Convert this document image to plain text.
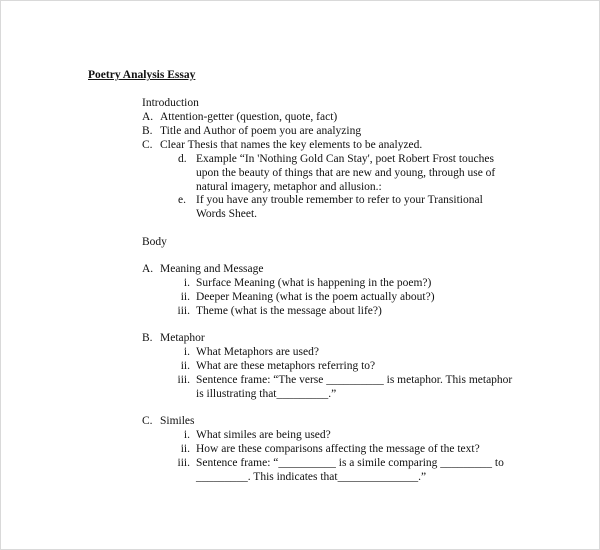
Poetry Analysis Essay
Introduction
A. Attention-getter (question, quote, fact)
B. Title and Author of poem you are analyzing
C. Clear Thesis that names the key elements to be analyzed.
d. Example “In 'Nothing Gold Can Stay', poet Robert Frost touches
upon the beauty of things that are new and young, through use of
natural imagery, metaphor and allusion.:
e. If you have any trouble remember to refer to your Transitional
Words Sheet.
Body
A. Meaning and Message
i. Surface Meaning (what is happening in the poem?)
ii. Deeper Meaning (what is the poem actually about?)
iii. Theme (what is the message about life?)
B. Metaphor
i. What Metaphors are used?
ii. What are these metaphors referring to?
iii. Sentence frame: “The verse __________ is metaphor. This metaphor
is illustrating that_________.”
C. Similes
i. What similes are being used?
ii. How are these comparisons affecting the message of the text?
iii. Sentence frame: “__________ is a simile comparing _________ to
_________. This indicates that______________.”
